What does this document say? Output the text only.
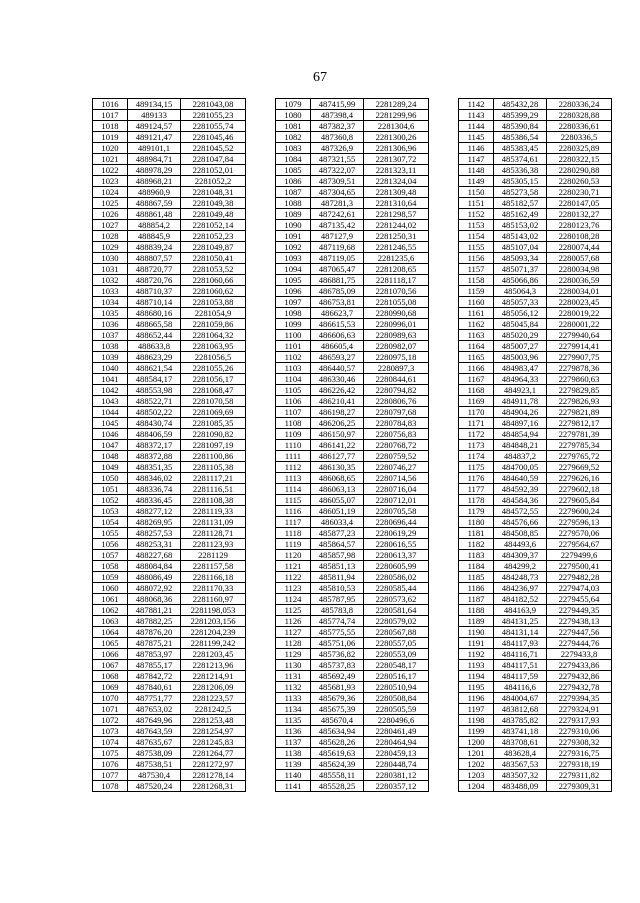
67
1016	489134,15	2281043,08
1017	489133	2281055,23
1018	489124,57	2281055,74
1019	489121,47	2281045,46
1020	489101,1	2281045,52
1021	488984,71	2281047,84
1022	488978,29	2281052,01
1023	488968,21	2281052,2
1024	488960,9	2281048,31
1025	488867,59	2281049,38
1026	488861,48	2281049,48
1027	488854,2	2281052,14
1028	488845,9	2281052,23
1029	488839,24	2281049,87
1030	488807,57	2281050,41
1031	488720,77	2281053,52
1032	488720,76	2281060,66
1033	488710,37	2281060,62
1034	488710,14	2281053,88
1035	488680,16	2281054,9
1036	488665,58	2281059,86
1037	488652,44	2281064,32
1038	488633,8	2281063,95
1039	488623,29	2281056,5
1040	488621,54	2281055,26
1041	488584,17	2281056,17
1042	488553,98	2281068,47
1043	488522,71	2281070,58
1044	488502,22	2281069,69
1045	488430,74	2281085,35
1046	488406,59	2281090,82
1047	488372,17	2281097,19
1048	488372,88	2281100,86
1049	488351,35	2281105,38
1050	488346,02	2281117,21
1051	488336,74	2281116,51
1052	488336,45	2281108,38
1053	488277,12	2281119,33
1054	488269,95	2281131,09
1055	488257,53	2281128,71
1056	488253,31	2281123,93
1057	488227,68	2281129
1058	488084,84	2281157,58
1059	488086,49	2281166,18
1060	488072,92	2281170,33
1061	488068,36	2281160,97
1062	487881,21	2281198,053
1063	487882,25	2281203,156
1064	487876,20	2281204,239
1065	487875,21	2281199,242
1066	487853,97	2281203,45
1067	487855,17	2281213,96
1068	487842,72	2281214,91
1069	487840,61	2281206,09
1070	487751,77	2281223,57
1071	487653,02	2281242,5
1072	487649,96	2281253,48
1073	487643,59	2281254,97
1074	487635,67	2281245,83
1075	487538,09	2281264,77
1076	487538,51	2281272,97
1077	487530,4	2281278,14
1078	487520,24	2281268,31
1079	487415,99	2281289,24
1080	487398,4	2281299,96
1081	487382,37	2281304,6
1082	487360,8	2281300,26
1083	487326,9	2281306,96
1084	487321,55	2281307,72
1085	487322,07	2281323,11
1086	487309,51	2281324,04
1087	487304,65	2281309,48
1088	487281,3	2281310,64
1089	487242,61	2281298,57
1090	487135,42	2281244,02
1091	487127,9	2281250,31
1092	487119,68	2281246,55
1093	487119,05	2281235,6
1094	487065,47	2281208,65
1095	486881,75	2281118,17
1096	486785,09	2281070,56
1097	486753,81	2281055,08
1098	486623,7	2280990,68
1099	486615,53	2280996,01
1100	486606,63	2280989,63
1101	486605,4	2280982,07
1102	486593,27	2280975,18
1103	486440,57	2280897,3
1104	486330,46	2280844,61
1105	486226,42	2280794,82
1106	486210,41	2280806,76
1107	486198,27	2280797,68
1108	486206,25	2280784,83
1109	486150,97	2280756,83
1110	486141,22	2280768,72
1111	486127,77	2280759,52
1112	486130,35	2280746,27
1113	486068,65	2280714,56
1114	486063,13	2280716,04
1115	486055,07	2280712,01
1116	486051,19	2280705,58
1117	486033,4	2280696,44
1118	485877,23	2280619,29
1119	485864,57	2280616,55
1120	485857,98	2280613,37
1121	485851,13	2280605,99
1122	485811,94	2280586,02
1123	485810,53	2280585,44
1124	485787,95	2280573,62
1125	485783,8	2280581,64
1126	485774,74	2280579,02
1127	485775,55	2280567,88
1128	485751,06	2280557,05
1129	485736,82	2280553,09
1130	485737,83	2280548,17
1131	485692,49	2280516,17
1132	485681,93	2280510,94
1133	485679,36	2280508,84
1134	485675,39	2280505,59
1135	485670,4	2280496,6
1136	485634,94	2280461,49
1137	485628,26	2280464,94
1138	485619,63	2280459,13
1139	485624,39	2280448,74
1140	485558,11	2280381,12
1141	485528,25	2280357,12
1142	485432,28	2280336,24
1143	485399,29	2280328,88
1144	485390,84	2280336,61
1145	485386,54	2280336,5
1146	485383,45	2280325,89
1147	485374,61	2280322,15
1148	485336,38	2280290,88
1149	485305,15	2280260,53
1150	485273,58	2280230,71
1151	485182,57	2280147,05
1152	485162,49	2280132,27
1153	485153,02	2280123,76
1154	485143,02	2280108,28
1155	485107,04	2280074,44
1156	485093,34	2280057,68
1157	485071,37	2280034,98
1158	485066,86	2280036,59
1159	485064,3	2280034,01
1160	485057,33	2280023,45
1161	485056,12	2280019,22
1162	485045,84	2280001,22
1163	485020,29	2279940,64
1164	485007,27	2279914,41
1165	485003,96	2279907,75
1166	484983,47	2279878,36
1167	484964,33	2279860,63
1168	484923,1	2279829,85
1169	484911,78	2279826,93
1170	484904,26	2279821,89
1171	484897,16	2279812,17
1172	484854,94	2279781,39
1173	484848,21	2279785,34
1174	484837,2	2279765,72
1175	484700,05	2279669,52
1176	484640,59	2279626,16
1177	484592,39	2279602,18
1178	484584,36	2279605,84
1179	484572,55	2279600,24
1180	484576,66	2279596,13
1181	484508,85	2279570,06
1182	484493,6	2279564,67
1183	484309,37	2279499,6
1184	484299,2	2279500,41
1185	484248,73	2279482,28
1186	484236,97	2279474,03
1187	484182,52	2279455,64
1188	484163,9	2279449,35
1189	484131,25	2279438,13
1190	484131,14	2279447,56
1191	484117,93	2279444,76
1192	484116,71	2279433,8
1193	484117,51	2279433,86
1194	484117,59	2279432,86
1195	484116,6	2279432,78
1196	484004,67	2279394,35
1197	483812,68	2279324,91
1198	483785,82	2279317,93
1199	483741,18	2279310,06
1200	483708,61	2279308,32
1201	483628,4	2279316,75
1202	483567,53	2279318,19
1203	483507,32	2279311,82
1204	483488,09	2279309,31
